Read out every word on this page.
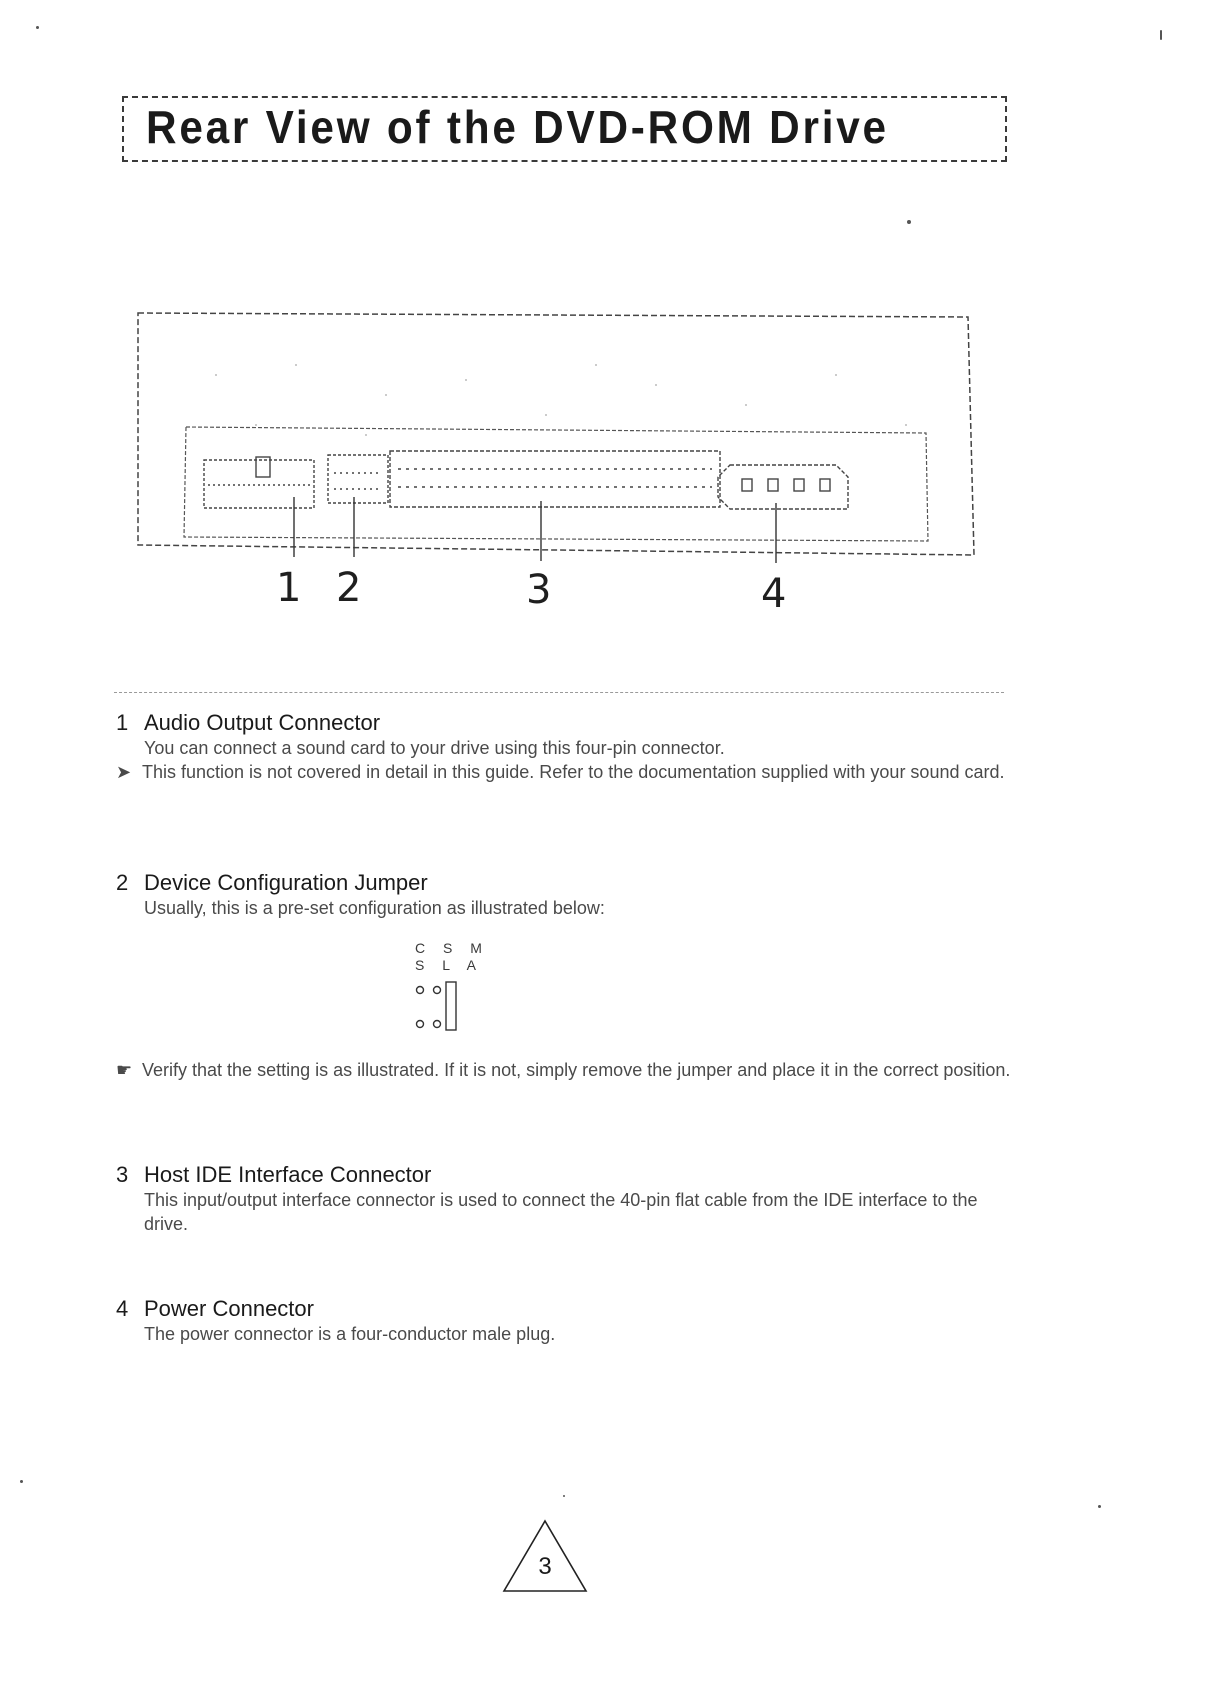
Rear View of the DVD-ROM Drive
1 2	3	4
1 Audio Output Connector
You can connect a sound card to your drive using this four-pin connector.
➤ This function is not covered in detail in this guide. Refer to the documentation supplied with your sound card.
2 Device Configuration Jumper
Usually, this is a pre-set configuration as illustrated below:
C S M
S L A
☛ Verify that the setting is as illustrated. If it is not, simply remove the jumper and place it in the correct position.
3 Host IDE Interface Connector
This input/output interface connector is used to connect the 40-pin flat cable from the IDE interface to the drive.
4 Power Connector
The power connector is a four-conductor male plug.
3
